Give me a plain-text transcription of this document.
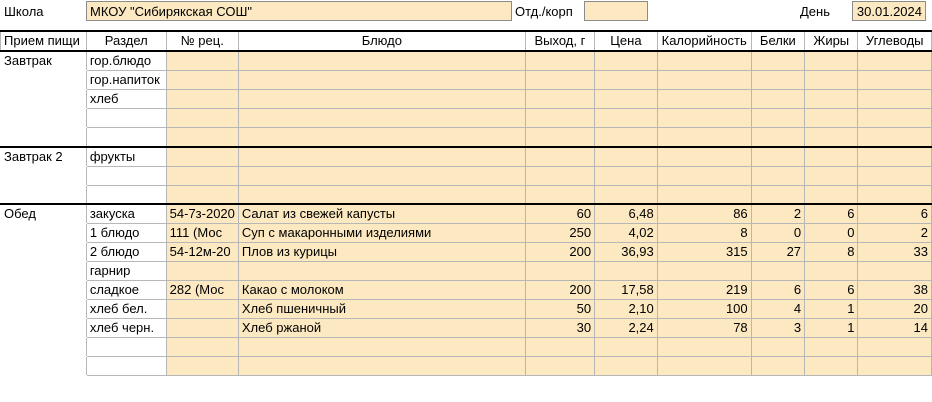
Школа	МКОУ "Сибирякская СОШ"	Отд./корп	День	30.01.2024
Прием пищи	Раздел	№ рец.	Блюдо	Выход, г	Цена	Калорийность	Белки	Жиры	Углеводы
Завтрак	гор.блюдо								
	гор.напиток								
	хлеб								

Завтрак 2	фрукты								

Обед	закуска	54-7з-2020	Салат из свежей капусты	60	6,48	86	2	6	6
	1 блюдо	111 (Мос	Суп с макаронными изделиями	250	4,02	8	0	0	2
	2 блюдо	54-12м-20	Плов из курицы	200	36,93	315	27	8	33
	гарнир								
	сладкое	282 (Мос	Какао с молоком	200	17,58	219	6	6	38
	хлеб бел.		Хлеб пшеничный	50	2,10	100	4	1	20
	хлеб черн.		Хлеб ржаной	30	2,24	78	3	1	14
